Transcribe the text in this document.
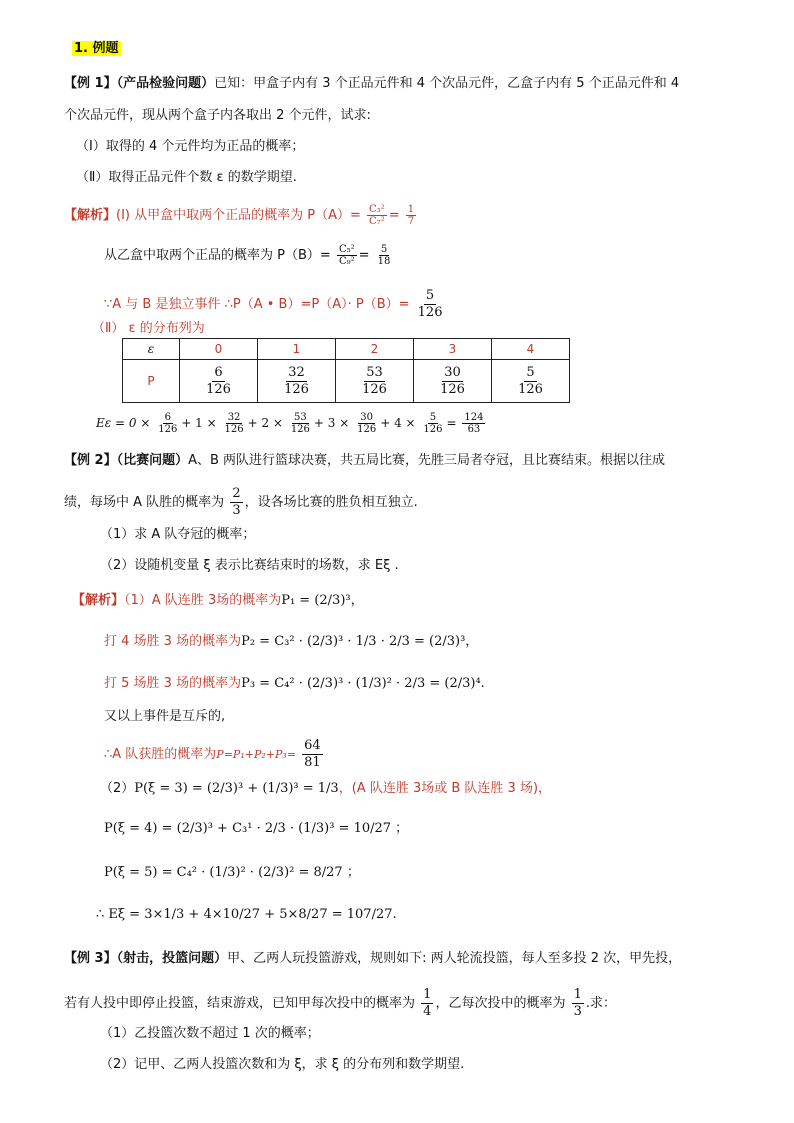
1. 例题
【例 1】（产品检验问题）已知：甲盒子内有 3 个正品元件和 4 个次品元件，乙盒子内有 5 个正品元件和 4
个次品元件，现从两个盒子内各取出 2 个元件，试求:
（Ⅰ）取得的 4 个元件均为正品的概率；
（Ⅱ）取得正品元件个数 ε 的数学期望.
【解析】(Ⅰ) 从甲盒中取两个正品的概率为 $P(A)= \frac{\text{C₃²}}{\text{C₇²}} = \frac{1}{7}$
从乙盒中取两个正品的概率为 $P(B)= \frac{\text{C₅²}}{\text{C₉²}} = \frac{5}{18}$
∵A 与 B 是独立事件 ∴P（A • $B)=P(A)\cdot P(B)= \frac{5}{126}$
（Ⅱ） ε 的分布列为
ε	0	1	2	3	4
P	$\frac{6}{126}$	$\frac{32}{126}$	$\frac{53}{126}$	$\frac{30}{126}$	$\frac{5}{126}$
$E\varepsilon = 0 \times \frac{6}{126} + 1 \times \frac{32}{126} + 2 \times \frac{53}{126} + 3 \times \frac{30}{126} + 4 \times \frac{5}{126} = \frac{124}{63}$
【例 2】（比赛问题）A、B 两队进行篮球决赛，共五局比赛，先胜三局者夺冠，且比赛结束。根据以往成
绩，每场中 A 队胜的概率为 $\frac{2}{3}$ ，设各场比赛的胜负相互独立.
（1）求 A 队夺冠的概率；
（2）设随机变量 ξ 表示比赛结束时的场数，求 Eξ .
【解析】（1）A 队连胜 3场的概率为P₁ = (2/3)³，
打 4 场胜 3 场的概率为P₂ = C₃² · (2/3)³ · 1/3 · 2/3 = (2/3)³，
打 5 场胜 3 场的概率为P₃ = C₄² · (2/3)³ · (1/3)² · 2/3 = (2/3)⁴.
又以上事件是互斥的,
∴A 队获胜的概率为$P=P_1+P_2+P_3= \frac{64}{81}$
（2）P(ξ = 3) = (2/3)³ + (1/3)³ = 1/3，(A 队连胜 3场或 B 队连胜 3 场)，
P(ξ = 4) = (2/3)³ + C₃¹ · 2/3 · (1/3)³ = 10/27 ；
P(ξ = 5) = C₄² · (1/3)² · (2/3)² = 8/27 ；
∴ Eξ = 3×1/3 + 4×10/27 + 5×8/27 = 107/27.
【例 3】（射击，投篮问题）甲、乙两人玩投篮游戏，规则如下: 两人轮流投篮，每人至多投 2 次，甲先投，
若有人投中即停止投篮，结束游戏，已知甲每次投中的概率为 $\frac{1}{4}$ ，乙每次投中的概率为 $\frac{1}{3}$ .求：
（1）乙投篮次数不超过 1 次的概率；
（2）记甲、乙两人投篮次数和为 ξ，求 ξ 的分布列和数学期望.
